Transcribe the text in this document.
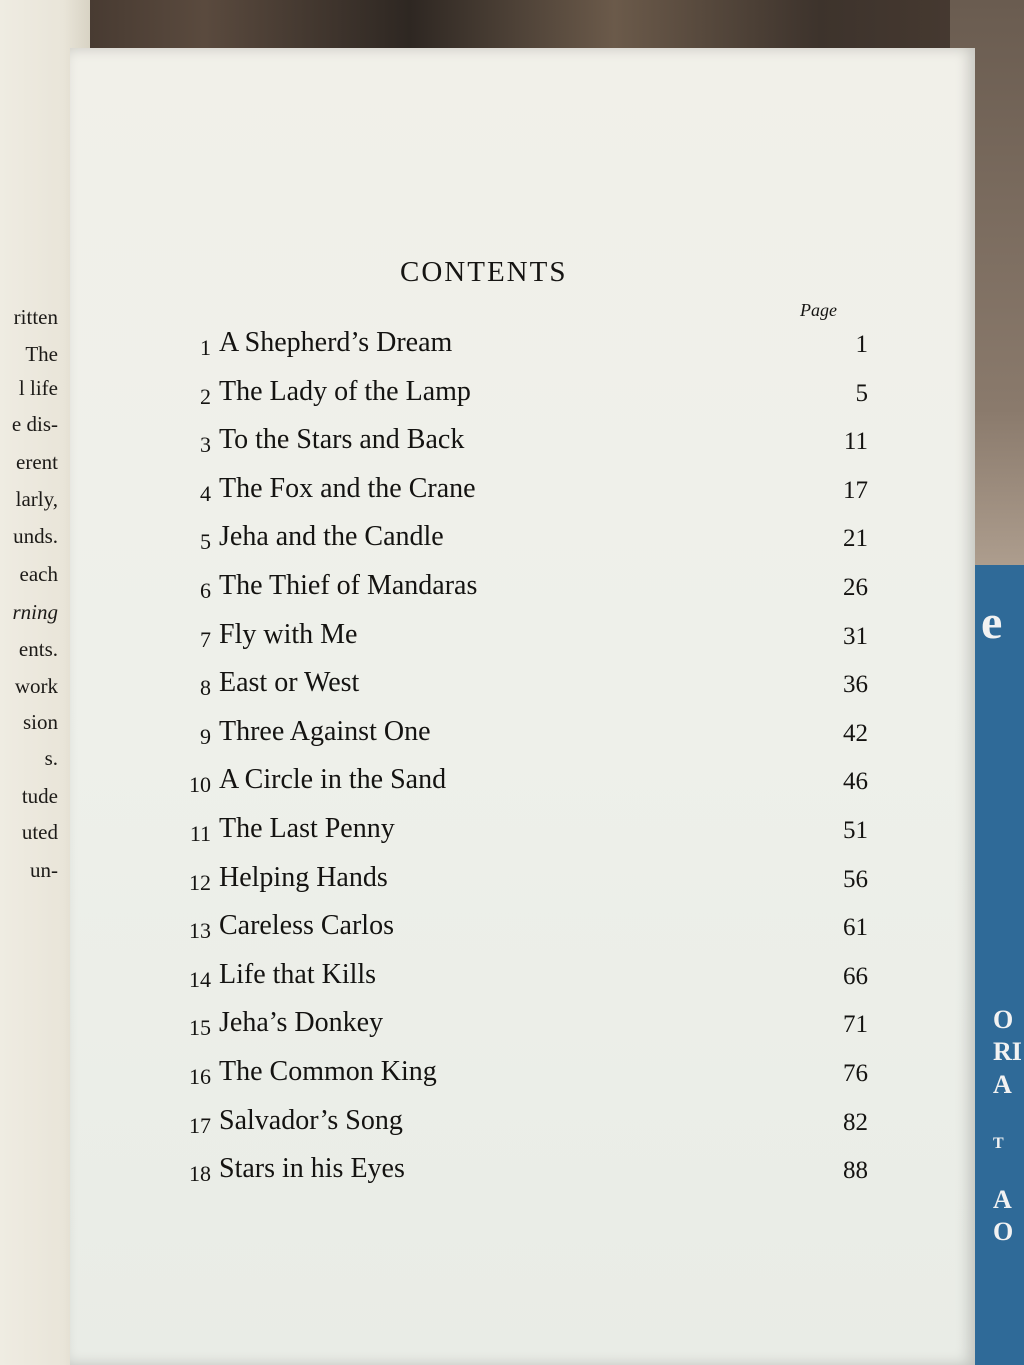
e
O
RI
A
T
A
O
ritten
The
l life
e dis-
erent
larly,
unds.
each
rning
ents.
work
sion
s.
tude
uted
un-
CONTENTS
Page
1 A Shepherd’s Dream	1
2 The Lady of the Lamp	5
3 To the Stars and Back	11
4 The Fox and the Crane	17
5 Jeha and the Candle	21
6 The Thief of Mandaras	26
7 Fly with Me	31
8 East or West	36
9 Three Against One	42
10 A Circle in the Sand	46
11 The Last Penny	51
12 Helping Hands	56
13 Careless Carlos	61
14 Life that Kills	66
15 Jeha’s Donkey	71
16 The Common King	76
17 Salvador’s Song	82
18 Stars in his Eyes	88
